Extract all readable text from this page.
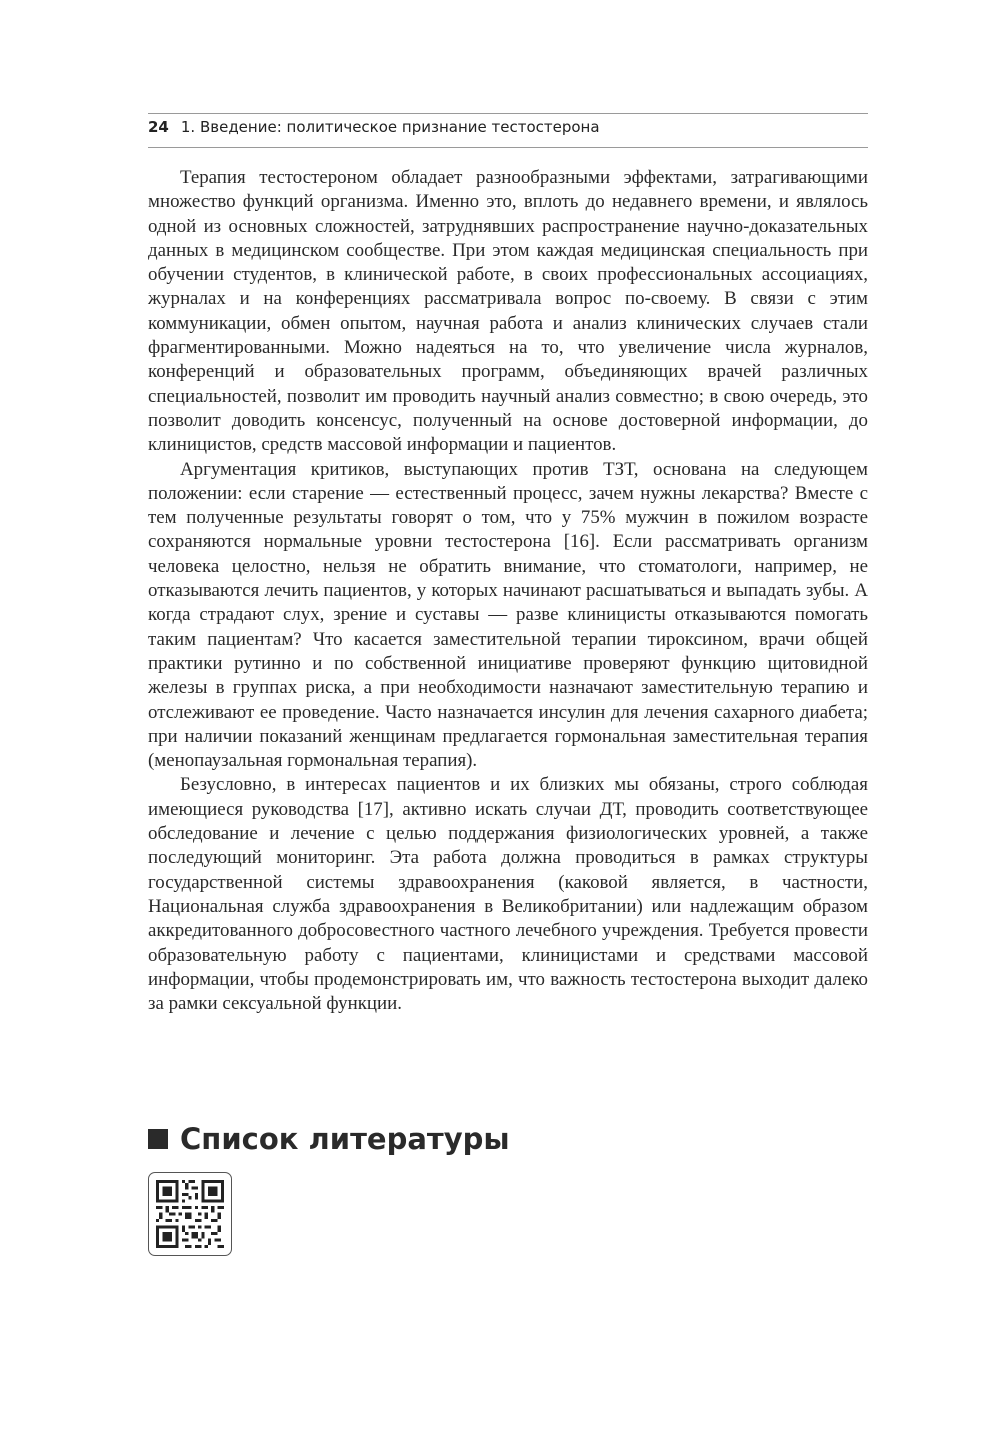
24 1. Введение: политическое признание тестостерона

Терапия тестостероном обладает разнообразными эффектами, затрагивающими множество функций организма. Именно это, вплоть до недавнего времени, и являлось одной из основных сложностей, затруднявших распространение научно-доказательных данных в медицинском сообществе. При этом каждая медицинская специальность при обучении студентов, в клинической работе, в своих профессиональных ассоциациях, журналах и на конференциях рассматривала вопрос по-своему. В связи с этим коммуникации, обмен опытом, научная работа и анализ клинических случаев стали фрагментированными. Можно надеяться на то, что увеличение числа журналов, конференций и образовательных программ, объединяющих врачей различных специальностей, позволит им проводить научный анализ совместно; в свою очередь, это позволит доводить консенсус, полученный на основе достоверной информации, до клиницистов, средств массовой информации и пациентов.

Аргументация критиков, выступающих против ТЗТ, основана на следующем положении: если старение — естественный процесс, зачем нужны лекарства? Вместе с тем полученные результаты говорят о том, что у 75% мужчин в пожилом возрасте сохраняются нормальные уровни тестостерона [16]. Если рассматривать организм человека целостно, нельзя не обратить внимание, что стоматологи, например, не отказываются лечить пациентов, у которых начинают расшатываться и выпадать зубы. А когда страдают слух, зрение и суставы — разве клиницисты отказываются помогать таким пациентам? Что касается заместительной терапии тироксином, врачи общей практики рутинно и по собственной инициативе проверяют функцию щитовидной железы в группах риска, а при необходимости назначают заместительную терапию и отслеживают ее проведение. Часто назначается инсулин для лечения сахарного диабета; при наличии показаний женщинам предлагается гормональная заместительная терапия (менопаузальная гормональная терапия).

Безусловно, в интересах пациентов и их близких мы обязаны, строго соблюдая имеющиеся руководства [17], активно искать случаи ДТ, проводить соответствующее обследование и лечение с целью поддержания физиологических уровней, а также последующий мониторинг. Эта работа должна проводиться в рамках структуры государственной системы здравоохранения (каковой является, в частности, Национальная служба здравоохранения в Великобритании) или надлежащим образом аккредитованного добросовестного частного лечебного учреждения. Требуется провести образовательную работу с пациентами, клиницистами и средствами массовой информации, чтобы продемонстрировать им, что важность тестостерона выходит далеко за рамки сексуальной функции.

Список литературы
